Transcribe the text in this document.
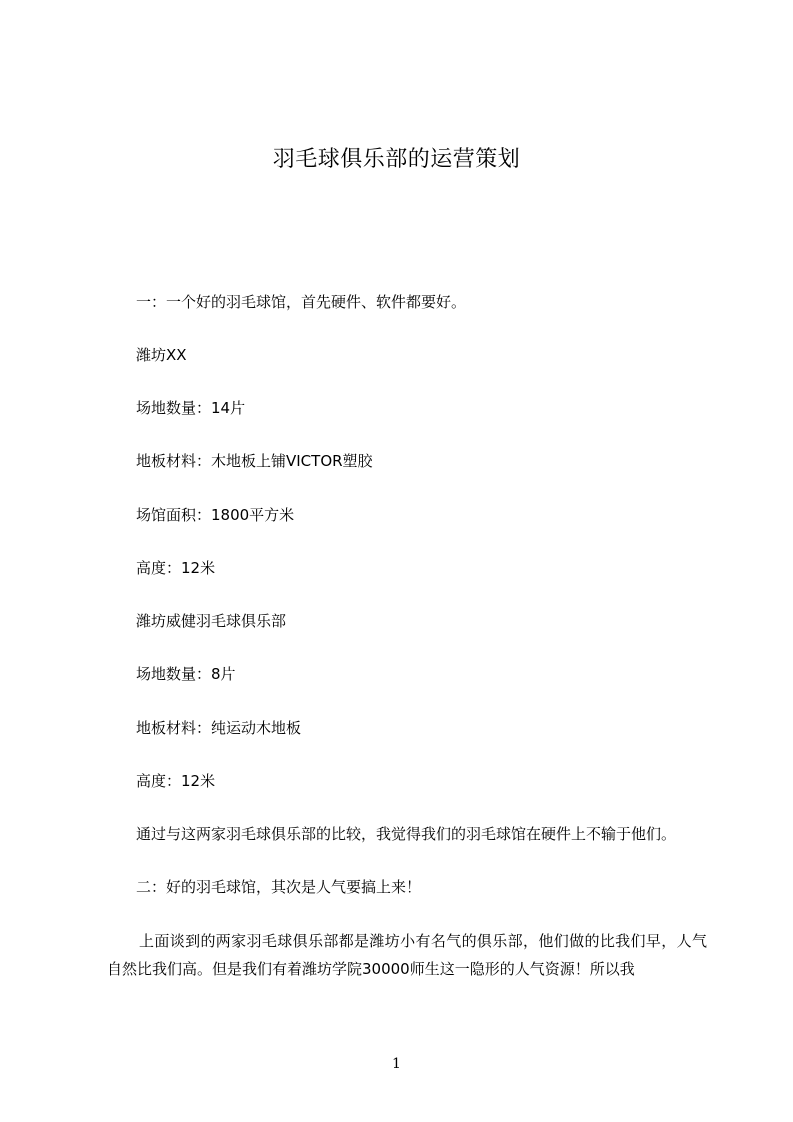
羽毛球俱乐部的运营策划
一：一个好的羽毛球馆，首先硬件、软件都要好。
潍坊XX
场地数量：14片
地板材料：木地板上铺VICTOR塑胶
场馆面积：1800平方米
高度：12米
潍坊威健羽毛球俱乐部
场地数量：8片
地板材料：纯运动木地板
高度：12米
通过与这两家羽毛球俱乐部的比较，我觉得我们的羽毛球馆在硬件上不输于他们。
二：好的羽毛球馆，其次是人气要搞上来！
上面谈到的两家羽毛球俱乐部都是潍坊小有名气的俱乐部，他们做的比我们早，人气自然比我们高。但是我们有着潍坊学院30000师生这一隐形的人气资源！所以我
1
